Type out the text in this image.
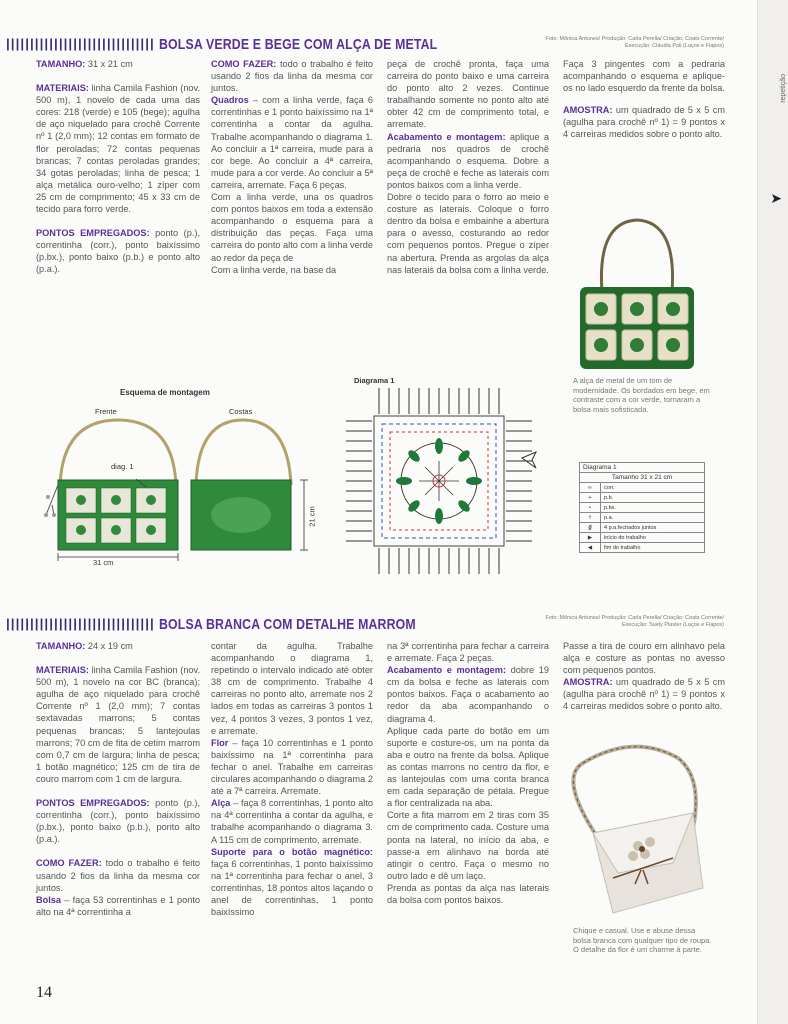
repetição
➤
||||||||||||||||||||||||||||||| BOLSA VERDE E BEGE COM ALÇA DE METAL	Foto: Mônica Antunes/ Produção: Carla Perella/ Criação: Coats Corrente/
Execução: Cláudia Poli (Laços e Fiapos)

TAMANHO: 31 x 21 cm

MATERIAIS: linha Camila Fashion (nov. 500 m), 1 novelo de cada uma das cores: 218 (verde) e 105 (bege); agulha de aço niquelado para crochê Corrente nº 1 (2,0 mm); 12 contas em formato de flor peroladas; 72 contas pequenas brancas; 7 contas peroladas grandes; 34 gotas peroladas; linha de pesca; 1 alça metálica ouro-velho; 1 zíper com 25 cm de comprimento; 45 x 33 cm de tecido para forro verde.

PONTOS EMPREGADOS: ponto (p.), correntinha (corr.), ponto baixíssimo (p.bx.), ponto baixo (p.b.) e ponto alto (p.a.).

COMO FAZER: todo o trabalho é feito usando 2 fios da linha da mesma cor juntos.

Quadros – com a linha verde, faça 6 correntinhas e 1 ponto baixíssimo na 1ª correntinha a contar da agulha. Trabalhe acompanhando o diagrama 1. Ao concluir a 1ª carreira, mude para a cor bege. Ao concluir a 4ª carreira, mude para a cor verde. Ao concluir a 5ª carreira, arremate. Faça 6 peças.

Com a linha verde, una os quadros com pontos baixos em toda a extensão acompanhando o esquema para a distribuição das peças. Faça uma carreira do ponto alto com a linha verde ao redor da peça de

Com a linha verde, na base da

peça de crochê pronta, faça uma carreira do ponto baixo e uma carreira do ponto alto 2 vezes. Continue trabalhando somente no ponto alto até obter 42 cm de comprimento total, e arremate.

Acabamento e montagem: aplique a pedraria nos quadros de crochê acompanhando o esquema. Dobre a peça de crochê e feche as laterais com pontos baixos com a linha verde.

Dobre o tecido para o forro ao meio e costure as laterais. Coloque o forro dentro da bolsa e embainhe a abertura para o avesso, costurando ao redor com pequenos pontos. Pregue o zíper na abertura. Prenda as argolas da alça nas laterais da bolsa com a linha verde.

Faça 3 pingentes com a pedraria acompanhando o esquema e aplique-os no lado esquerdo da frente da bolsa.

AMOSTRA: um quadrado de 5 x 5 cm (agulha para crochê nº 1) = 9 pontos x 4 carreiras medidos sobre o ponto alto.

A alça de metal de um tom de modernidade. Os bordados em bege, em contraste com a cor verde, tornaram a bolsa mais sofisticada.
Esquema de montagem
Frente	Costas
diag. 1
31 cm
21 cm
Diagrama 1
Diagrama 1	
Tamanho 31 x 21 cm	
∞	corr.
+	p.b.
•	p.bx.
†	p.a.
∯	4 p.a.fechados juntos
▶	início do trabalho
◀	fim do trabalho
||||||||||||||||||||||||||||||| BOLSA BRANCA COM DETALHE MARROM	Foto: Mônica Antunes/ Produção: Carla Perella/ Criação: Coats Corrente/
Execução: Suely Plaster (Laços e Fiapos)

TAMANHO: 24 x 19 cm

MATERIAIS: linha Camila Fashion (nov. 500 m), 1 novelo na cor BC (branca); agulha de aço niquelado para crochê Corrente nº 1 (2,0 mm); 7 contas sextavadas marrons; 5 contas pequenas brancas; 5 lantejoulas marrons; 70 cm de fita de cetim marrom com 0,7 cm de largura; linha de pesca; 1 botão magnético; 125 cm de tira de couro marrom com 1 cm de largura.

PONTOS EMPREGADOS: ponto (p.), correntinha (corr.), ponto baixíssimo (p.bx.), ponto baixo (p.b.), ponto alto (p.a.).

COMO FAZER: todo o trabalho é feito usando 2 fios da linha da mesma cor juntos.

Bolsa – faça 53 correntinhas e 1 ponto alto na 4ª correntinha a

contar da agulha. Trabalhe acompanhando o diagrama 1, repetindo o intervalo indicado até obter 38 cm de comprimento. Trabalhe 4 carreiras no ponto alto, arremate nos 2 lados em todas as carreiras 3 pontos 1 vez, 4 pontos 3 vezes, 3 pontos 1 vez, e arremate.

Flor – faça 10 correntinhas e 1 ponto baixíssimo na 1ª correntinha para fechar o anel. Trabalhe em carreiras circulares acompanhando o diagrama 2 até a 7ª carreira. Arremate.

Alça – faça 8 correntinhas, 1 ponto alto na 4ª correntinha a contar da agulha, e trabalhe acompanhando o diagrama 3. A 115 cm de comprimento, arremate.

Suporte para o botão magnético: faça 6 correntinhas, 1 ponto baixíssimo na 1ª correntinha para fechar o anel, 3 correntinhas, 18 pontos altos laçando o anel de correntinhas, 1 ponto baixíssimo

na 3ª correntinha para fechar a carreira e arremate. Faça 2 peças.

Acabamento e montagem: dobre 19 cm da bolsa e feche as laterais com pontos baixos. Faça o acabamento ao redor da aba acompanhando o diagrama 4.

Aplique cada parte do botão em um suporte e costure-os, um na ponta da aba e outro na frente da bolsa. Aplique as contas marrons no centro da flor, e as lantejoulas com uma conta branca em cada separação de pétala. Pregue a flor centralizada na aba.

Corte a fita marrom em 2 tiras com 35 cm de comprimento cada. Costure uma ponta na lateral, no início da aba, e passe-a em alinhavo na borda até atingir o centro. Faça o mesmo no outro lado e dê um laço.

Prenda as pontas da alça nas laterais da bolsa com pontos baixos.

Passe a tira de couro em alinhavo pela alça e costure as pontas no avesso com pequenos pontos.

AMOSTRA: um quadrado de 5 x 5 cm (agulha para crochê nº 1) = 9 pontos x 4 carreiras medidos sobre o ponto alto.

Chique e casual. Use e abuse dessa bolsa branca com qualquer tipo de roupa. O detalhe da flor é um charme à parte.
14
